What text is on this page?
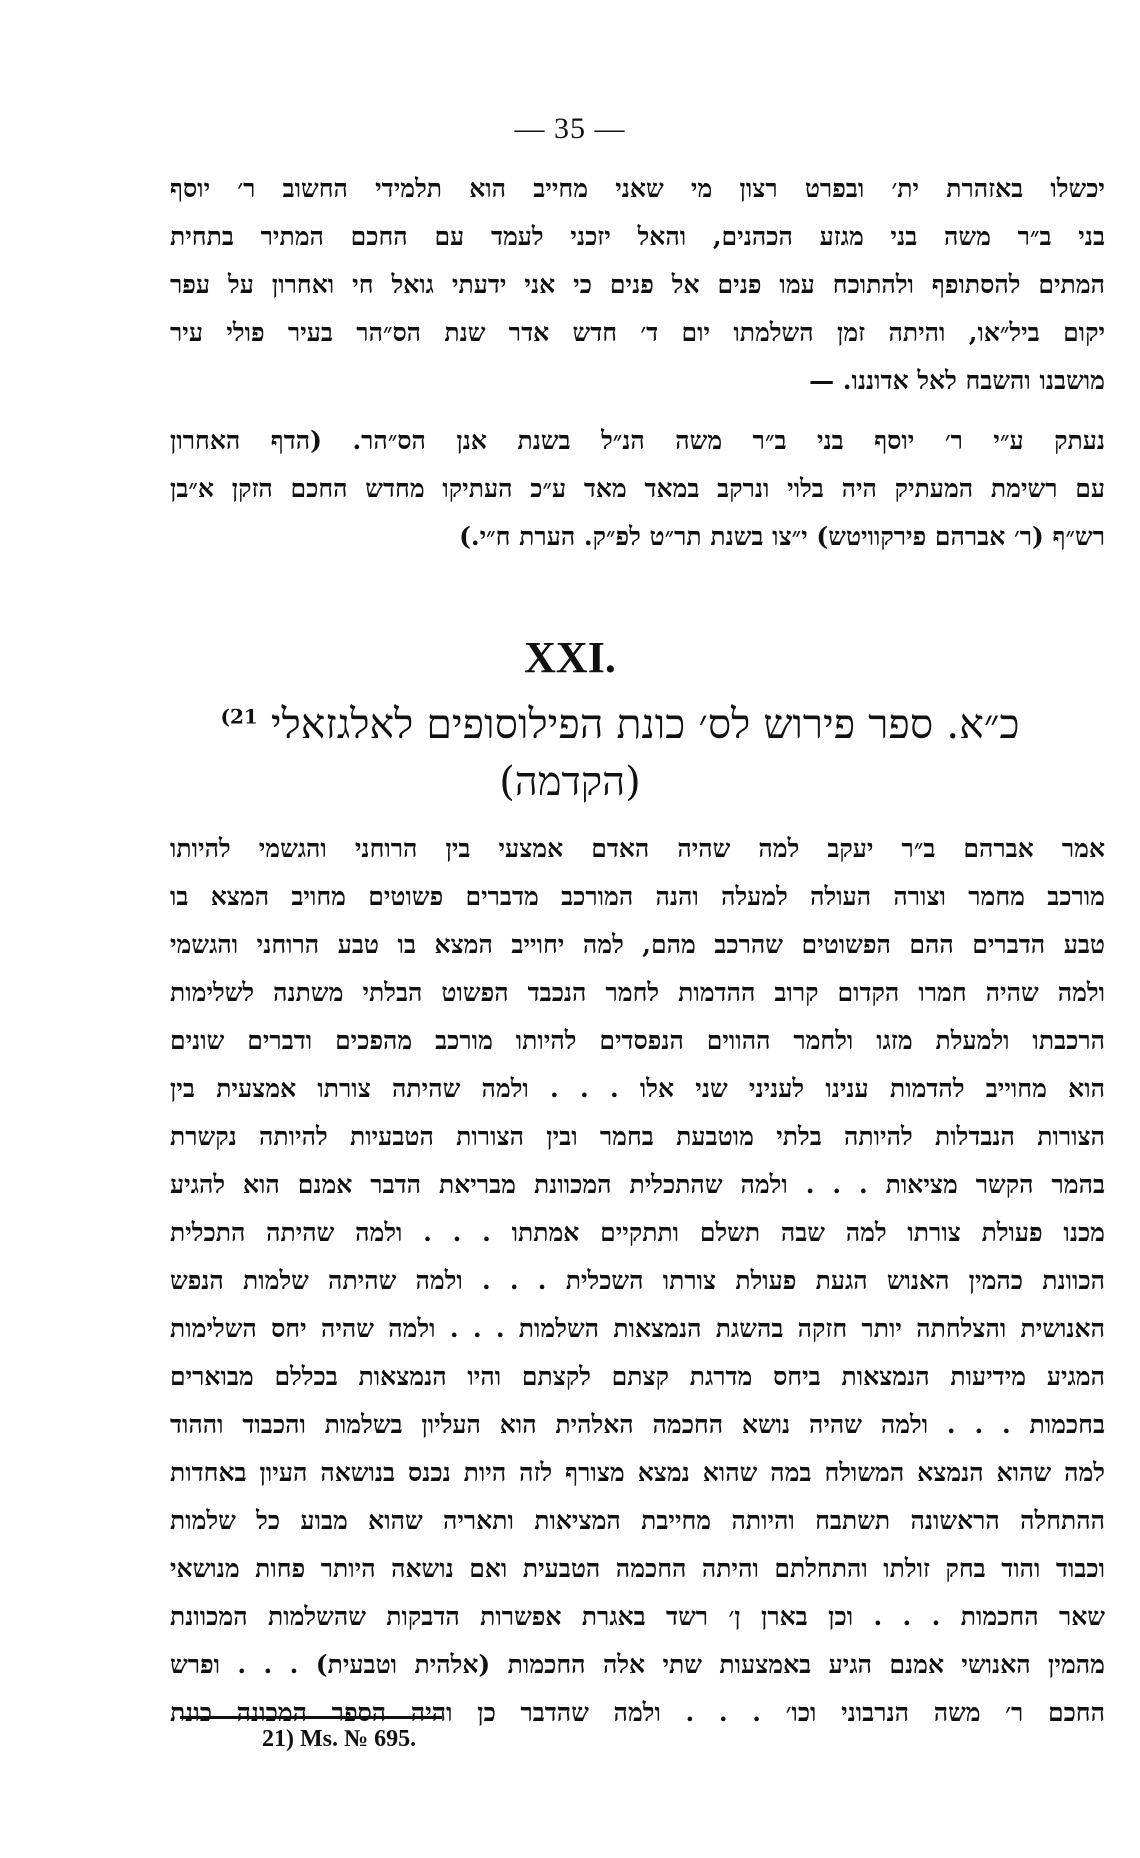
— 35 —
יכשלו באזהרת ית׳ ובפרט רצון מי שאני מחייב הוא תלמידי החשוב ר׳ יוסף
בני ב״ר משה בני מגזע הכהנים, והאל יזכני לעמד עם החכם המתיר בתחית
המתים להסתופף ולהתוכח עמו פנים אל פנים כי אני ידעתי גואל חי ואחרון על עפר
יקום ביל״או, והיתה זמן השלמתו יום ד׳ חדש אדר שנת הס״הר בעיר פולי עיר
מושבנו והשבח לאל אדוננו. —
נעתק ע״י ר׳ יוסף בני ב״ר משה הנ״ל בשנת אנן הס״הר. (הדף האחרון
עם רשימת המעתיק היה בלוי ונרקב במאד מאד ע״כ העתיקו מחדש החכם הזקן א״בן
רש״ף (ר׳ אברהם פירקוויטש) י״צו בשנת תר״ט לפ״ק. הערת ח״י.)
XXI.
כ״א. ספר פירוש לס׳ כונת הפילוסופים לאלגזאלי $^{21)}$
(הקדמה)
אמר אברהם ב״ר יעקב למה שהיה האדם אמצעי בין הרוחני והגשמי להיותו
מורכב מחמר וצורה העולה למעלה והנה המורכב מדברים פשוטים מחויב המצא בו
טבע הדברים ההם הפשוטים שהרכב מהם, למה יחוייב המצא בו טבע הרוחני והגשמי
ולמה שהיה חמרו הקדום קרוב ההדמות לחמר הנכבד הפשוט הבלתי משתנה לשלימות
הרכבתו ולמעלת מזגו ולחמר ההווים הנפסדים להיותו מורכב מהפכים ודברים שונים
הוא מחוייב להדמות ענינו לעניני שני אלו . . . ולמה שהיתה צורתו אמצעית בין
הצורות הנבדלות להיותה בלתי מוטבעת בחמר ובין הצורות הטבעיות להיותה נקשרת
בהמר הקשר מציאות . . . ולמה שהתכלית המכוונת מבריאת הדבר אמנם הוא להגיע
מכנו פעולת צורתו למה שבה תשלם ותתקיים אמתתו . . . ולמה שהיתה התכלית
הכוונת כהמין האנוש הגעת פעולת צורתו השכלית . . . ולמה שהיתה שלמות הנפש
האנושית והצלחתה יותר חזקה בהשגת הנמצאות השלמות . . . ולמה שהיה יחס השלימות
המגיע מידיעות הנמצאות ביחס מדרגת קצתם לקצתם והיו הנמצאות בכללם מבוארים
בחכמות . . . ולמה שהיה נושא החכמה האלהית הוא העליון בשלמות והכבוד וההוד
למה שהוא הנמצא המשולח במה שהוא נמצא מצורף לזה היות נכנס בנושאה העיון באחדות
ההתחלה הראשונה תשתבח והיותה מחייבת המציאות ותאריה שהוא מבוע כל שלמות
וכבוד והוד בחק זולתו והתחלתם והיתה החכמה הטבעית ואם נושאה היותר פחות מנושאי
שאר החכמות . . . וכן בארן ן׳ רשד באגרת אפשרות הדבקות שהשלמות המכוונת
מהמין האנושי אמנם הגיע באמצעות שתי אלה החכמות (אלהית וטבעית) . . . ופרש
החכם ר׳ משה הנרבוני וכו׳ . . . ולמה שהדבר כן והיה הספר המכונה כונת
21) Ms. № 695.
